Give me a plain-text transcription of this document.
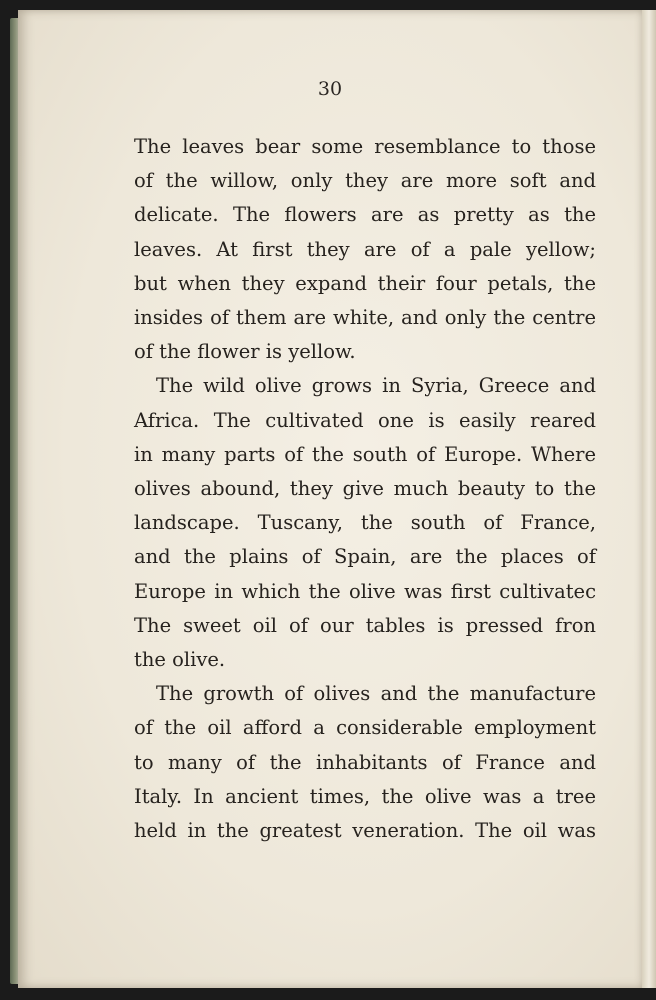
30
The leaves bear some resemblance to those
of the willow, only they are more soft and
delicate. The flowers are as pretty as the
leaves. At first they are of a pale yellow;
but when they expand their four petals, the
insides of them are white, and only the centre
of the flower is yellow.
The wild olive grows in Syria, Greece and
Africa. The cultivated one is easily reared
in many parts of the south of Europe. Where
olives abound, they give much beauty to the
landscape. Tuscany, the south of France,
and the plains of Spain, are the places of
Europe in which the olive was first cultivatec
The sweet oil of our tables is pressed fron
the olive.
The growth of olives and the manufacture
of the oil afford a considerable employment
to many of the inhabitants of France and
Italy. In ancient times, the olive was a tree
held in the greatest veneration. The oil was
